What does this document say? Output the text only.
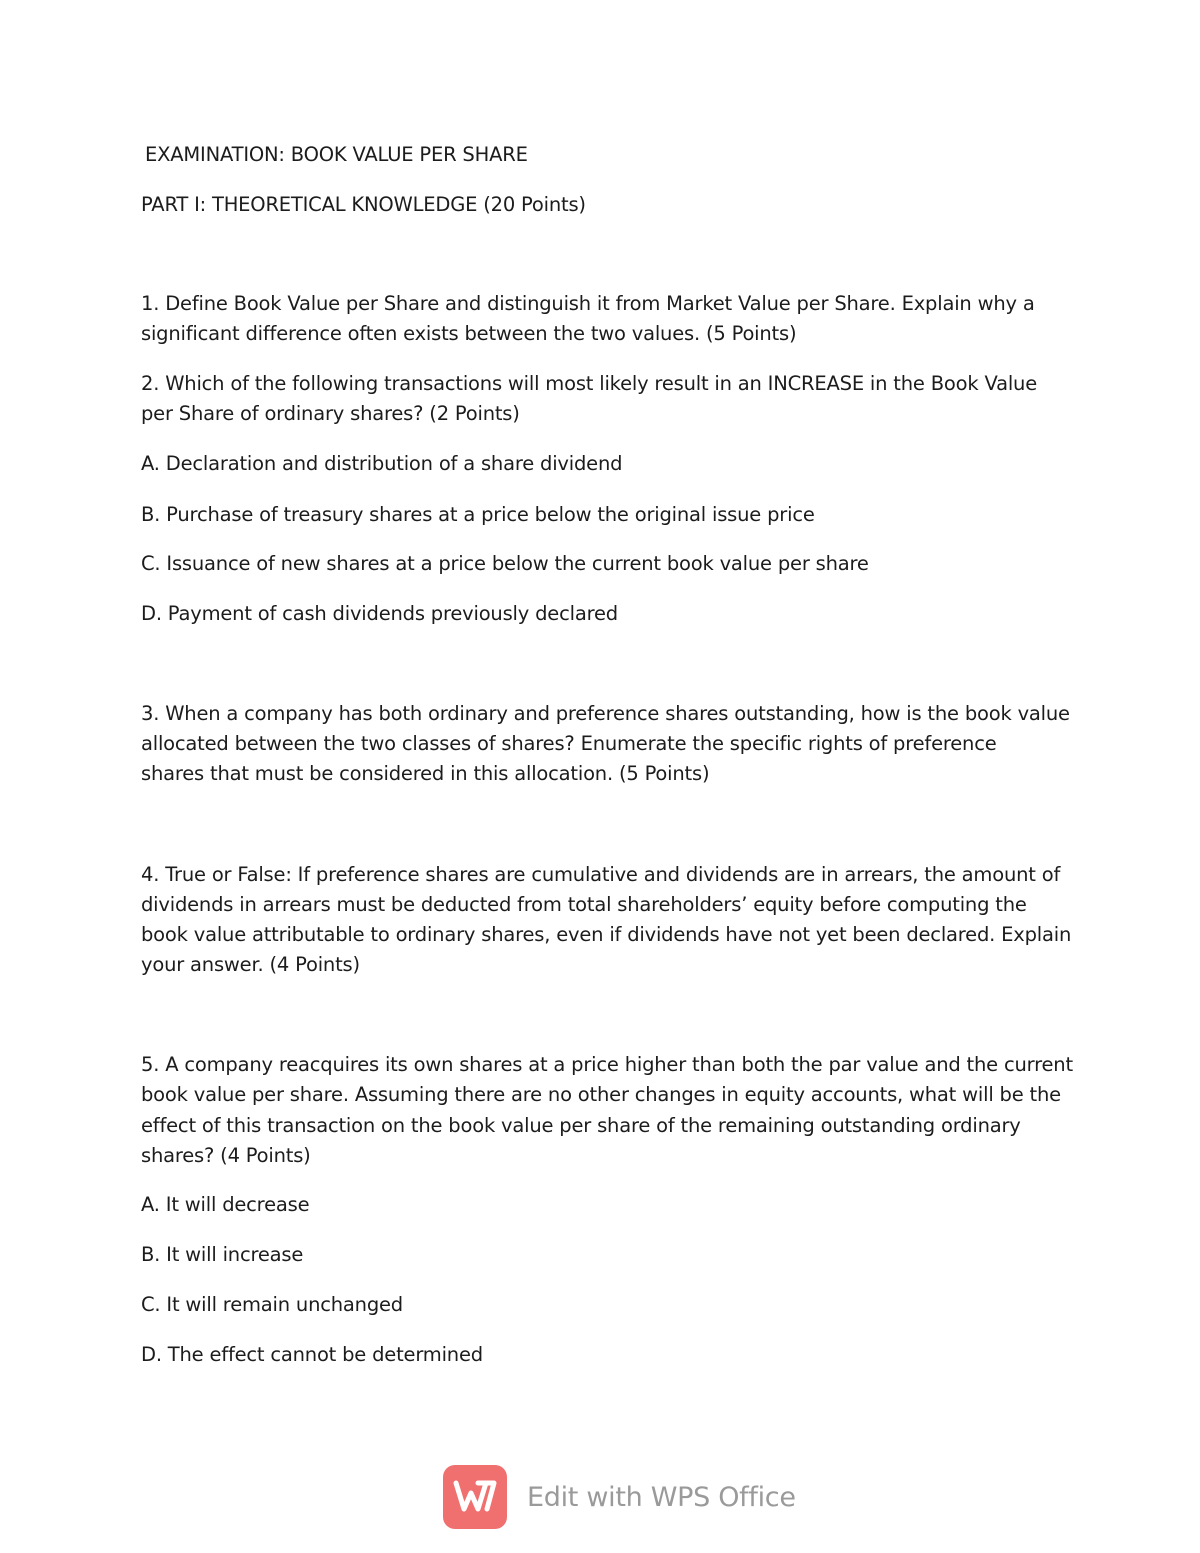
EXAMINATION: BOOK VALUE PER SHARE
PART I: THEORETICAL KNOWLEDGE (20 Points)
1. Define Book Value per Share and distinguish it from Market Value per Share. Explain why a
significant difference often exists between the two values. (5 Points)
2. Which of the following transactions will most likely result in an INCREASE in the Book Value
per Share of ordinary shares? (2 Points)
A. Declaration and distribution of a share dividend
B. Purchase of treasury shares at a price below the original issue price
C. Issuance of new shares at a price below the current book value per share
D. Payment of cash dividends previously declared
3. When a company has both ordinary and preference shares outstanding, how is the book value
allocated between the two classes of shares? Enumerate the specific rights of preference
shares that must be considered in this allocation. (5 Points)
4. True or False: If preference shares are cumulative and dividends are in arrears, the amount of
dividends in arrears must be deducted from total shareholders’ equity before computing the
book value attributable to ordinary shares, even if dividends have not yet been declared. Explain
your answer. (4 Points)
5. A company reacquires its own shares at a price higher than both the par value and the current
book value per share. Assuming there are no other changes in equity accounts, what will be the
effect of this transaction on the book value per share of the remaining outstanding ordinary
shares? (4 Points)
A. It will decrease
B. It will increase
C. It will remain unchanged
D. The effect cannot be determined
Edit with WPS Office
